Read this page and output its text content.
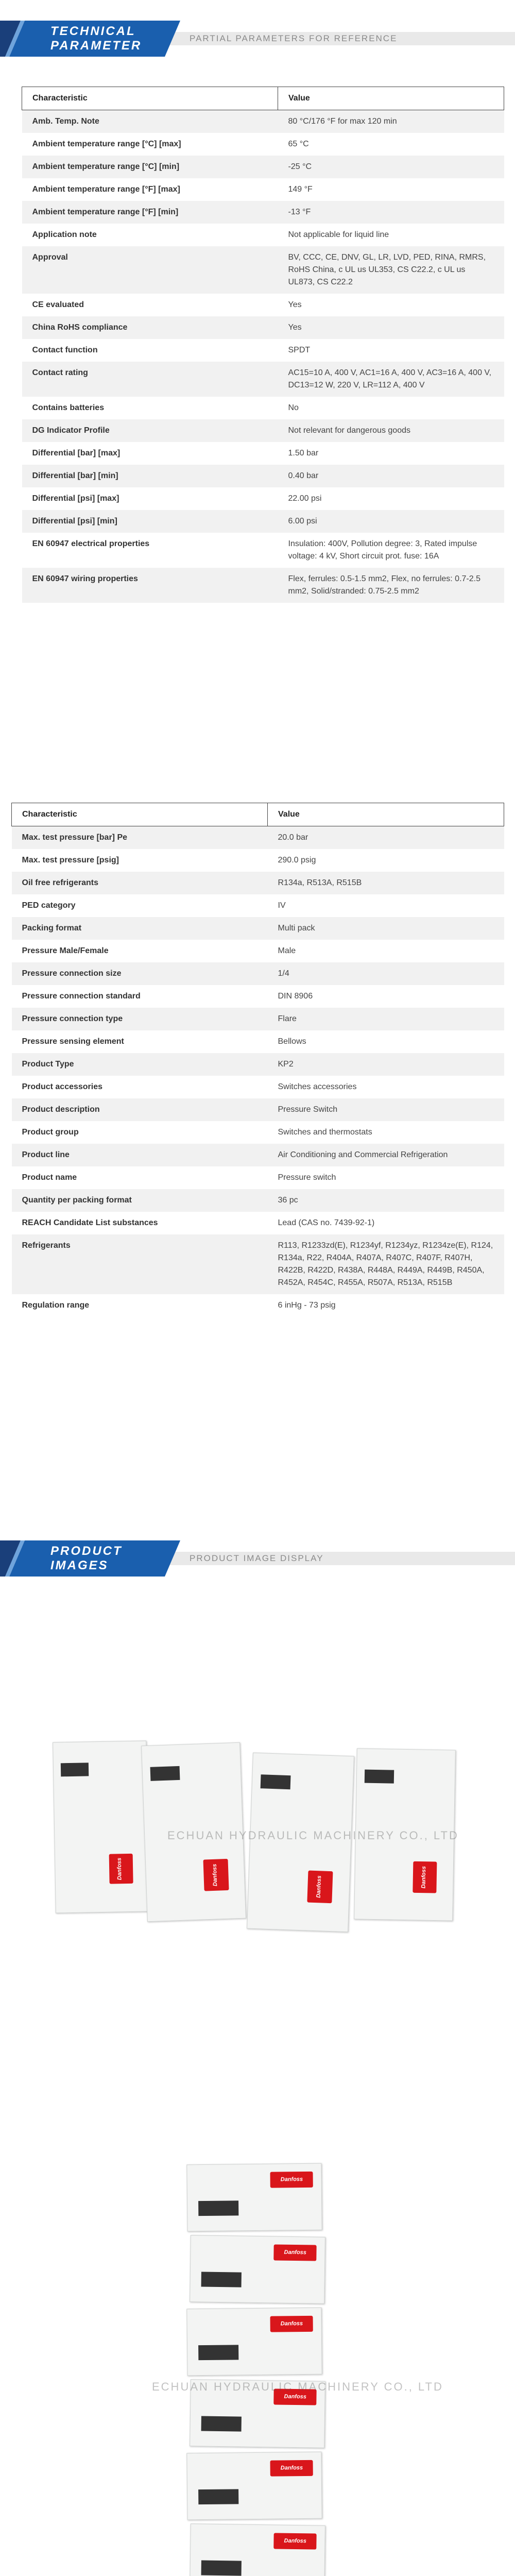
TECHNICAL
PARAMETER
PARTIAL PARAMETERS FOR REFERENCE
Characteristic	Value
Amb. Temp. Note	80 °C/176 °F for max 120 min
Ambient temperature range [°C] [max]	65 °C
Ambient temperature range [°C] [min]	-25 °C
Ambient temperature range [°F] [max]	149 °F
Ambient temperature range [°F] [min]	-13 °F
Application note	Not applicable for liquid line
Approval	BV, CCC, CE, DNV, GL, LR, LVD, PED, RINA, RMRS, RoHS China, c UL us UL353, CS C22.2, c UL us UL873, CS C22.2
CE evaluated	Yes
China RoHS compliance	Yes
Contact function	SPDT
Contact rating	AC15=10 A, 400 V, AC1=16 A, 400 V, AC3=16 A, 400 V, DC13=12 W, 220 V, LR=112 A, 400 V
Contains batteries	No
DG Indicator Profile	Not relevant for dangerous goods
Differential [bar] [max]	1.50 bar
Differential [bar] [min]	0.40 bar
Differential [psi] [max]	22.00 psi
Differential [psi] [min]	6.00 psi
EN 60947 electrical properties	Insulation: 400V, Pollution degree: 3, Rated impulse voltage: 4 kV, Short circuit prot. fuse: 16A
EN 60947 wiring properties	Flex, ferrules: 0.5-1.5 mm2, Flex, no ferrules: 0.7-2.5 mm2, Solid/stranded: 0.75-2.5 mm2
Characteristic	Value
Max. test pressure [bar] Pe	20.0 bar
Max. test pressure [psig]	290.0 psig
Oil free refrigerants	R134a, R513A, R515B
PED category	IV
Packing format	Multi pack
Pressure Male/Female	Male
Pressure connection size	1/4
Pressure connection standard	DIN 8906
Pressure connection type	Flare
Pressure sensing element	Bellows
Product Type	KP2
Product accessories	Switches accessories
Product description	Pressure Switch
Product group	Switches and thermostats
Product line	Air Conditioning and Commercial Refrigeration
Product name	Pressure switch
Quantity per packing format	36 pc
REACH Candidate List substances	Lead (CAS no. 7439-92-1)
Refrigerants	R113, R1233zd(E), R1234yf, R1234yz, R1234ze(E), R124, R134a, R22, R404A, R407A, R407C, R407F, R407H, R422B, R422D, R438A, R448A, R449A, R449B, R450A, R452A, R454C, R455A, R507A, R513A, R515B
Regulation range	6 inHg - 73 psig
PRODUCT
IMAGES
PRODUCT IMAGE DISPLAY
Danfoss	Danfoss
Danfoss	Danfoss
ECHUAN HYDRAULIC MACHINERY CO., LTD
Danfoss
Danfoss
Danfoss
Danfoss
Danfoss
Danfoss
ECHUAN HYDRAULIC MACHINERY CO., LTD
